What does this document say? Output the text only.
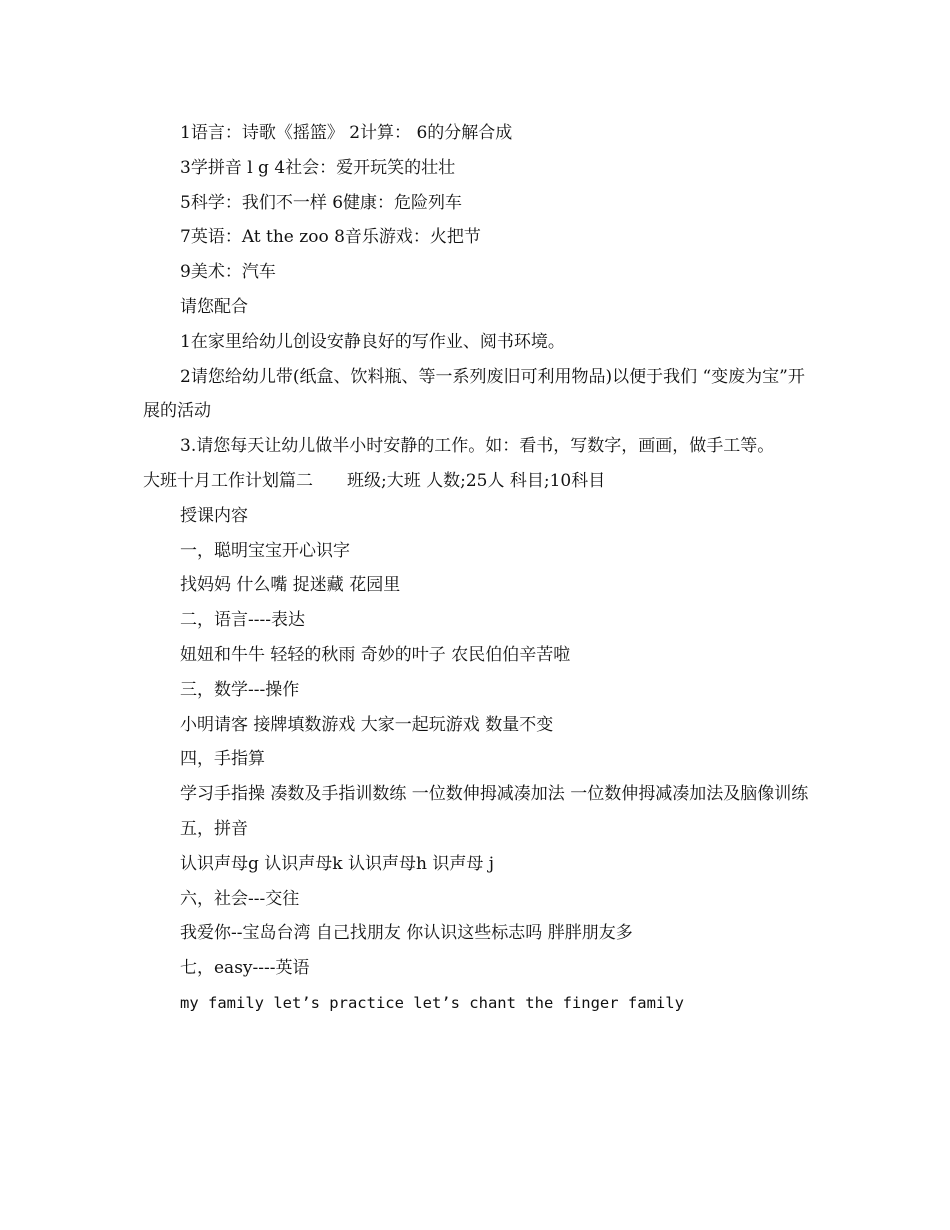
1语言：诗歌《摇篮》 2计算： 6的分解合成

3学拼音 l g 4社会：爱开玩笑的壮壮

5科学：我们不一样 6健康：危险列车

7英语：At the zoo 8音乐游戏：火把节

9美术：汽车

请您配合

1在家里给幼儿创设安静良好的写作业、阅书环境。

2请您给幼儿带(纸盒、饮料瓶、等一系列废旧可利用物品)以便于我们 “变废为宝”开展的活动

3.请您每天让幼儿做半小时安静的工作。如：看书，写数字，画画，做手工等。

大班十月工作计划篇二　　班级;大班 人数;25人 科目;10科目

授课内容

一，聪明宝宝开心识字

找妈妈 什么嘴 捉迷藏 花园里

二，语言----表达

妞妞和牛牛 轻轻的秋雨 奇妙的叶子 农民伯伯辛苦啦

三，数学---操作

小明请客 接牌填数游戏 大家一起玩游戏 数量不变

四，手指算

学习手指操 凑数及手指训数练 一位数伸拇减凑加法 一位数伸拇减凑加法及脑像训练

五，拼音

认识声母g 认识声母k 认识声母h 识声母 j

六，社会---交往

我爱你--宝岛台湾 自己找朋友 你认识这些标志吗 胖胖朋友多

七，easy----英语

my family let’s practice let’s chant the finger family
